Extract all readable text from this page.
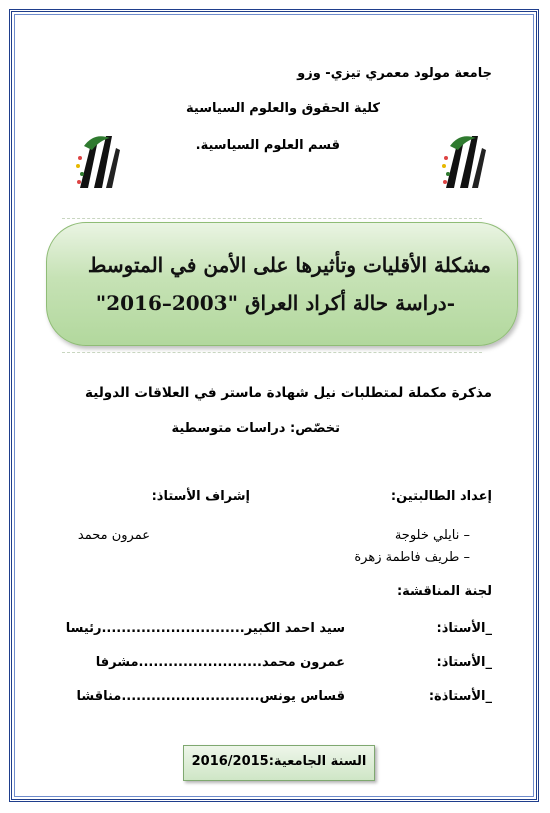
جامعة مولود معمري تيزي- وزو
كلية الحقوق والعلوم السياسية
قسم العلوم السياسية.
مشكلة الأقليات وتأثيرها على الأمن في المتوسط
-دراسة حالة أكراد العراق "2003–2016"
مذكرة مكملة لمتطلبات نيل شهادة ماستر في العلاقات الدولية
تخصّص: دراسات متوسطية
إعداد الطالبتين:
إشراف الأستاذ:
– نايلي خلوجة
– طريف فاطمة زهرة
عمرون محمد
لجنة المناقشة:
_الأستاذ:
سيد احمد الكبير.............................رئيسا
_الأستاذ:
عمرون محمد.........................مشرفا
_الأستاذة:
قساس يونس............................مناقشا
السنة الجامعية:2016/2015
